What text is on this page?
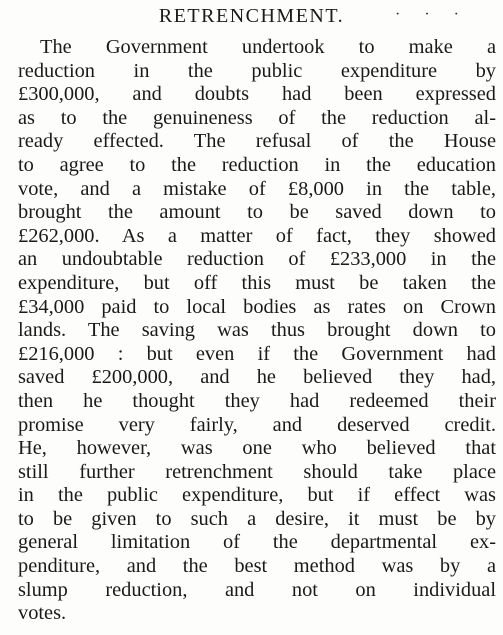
RETRENCHMENT.	· · ·
The Government undertook to make a
reduction in the public expenditure by
£300,000, and doubts had been expressed
as to the genuineness of the reduction al-
ready effected. The refusal of the House
to agree to the reduction in the education
vote, and a mistake of £8,000 in the table,
brought the amount to be saved down to
£262,000. As a matter of fact, they showed
an undoubtable reduction of £233,000 in the
expenditure, but off this must be taken the
£34,000 paid to local bodies as rates on Crown
lands. The saving was thus brought down to
£216,000 : but even if the Government had
saved £200,000, and he believed they had,
then he thought they had redeemed their
promise very fairly, and deserved credit.
He, however, was one who believed that
still further retrenchment should take place
in the public expenditure, but if effect was
to be given to such a desire, it must be by
general limitation of the departmental ex-
penditure, and the best method was by a
slump reduction, and not on individual
votes.
